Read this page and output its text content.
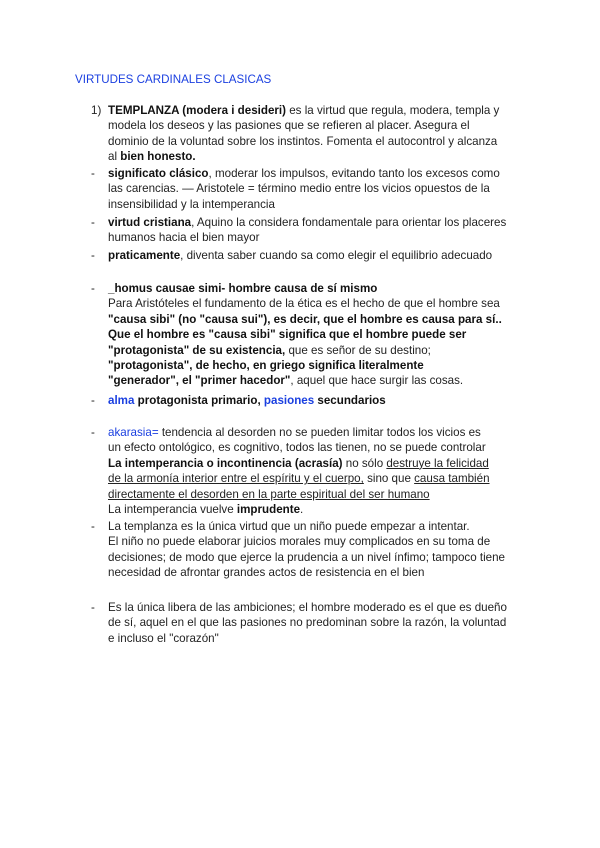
VIRTUDES CARDINALES CLASICAS
1) TEMPLANZA (modera i desideri) es la virtud que regula, modera, templa y
modela los deseos y las pasiones que se refieren al placer. Asegura el
dominio de la voluntad sobre los instintos. Fomenta el autocontrol y alcanza
al bien honesto.
- significato clásico, moderar los impulsos, evitando tanto los excesos como
las carencias. — Aristotele = término medio entre los vicios opuestos de la
insensibilidad y la intemperancia
- virtud cristiana, Aquino la considera fondamentale para orientar los placeres
humanos hacia el bien mayor
- praticamente, diventa saber cuando sa como elegir el equilibrio adecuado
- _homus causae simi- hombre causa de sí mismo
Para Aristóteles el fundamento de la ética es el hecho de que el hombre sea
"causa sibi" (no "causa sui"), es decir, que el hombre es causa para sí..
Que el hombre es "causa sibi" significa que el hombre puede ser
"protagonista" de su existencia, que es señor de su destino;
"protagonista", de hecho, en griego significa literalmente
"generador", el "primer hacedor", aquel que hace surgir las cosas.
- alma protagonista primario, pasiones secundarios
- akarasia= tendencia al desorden no se pueden limitar todos los vicios es
un efecto ontológico, es cognitivo, todos las tienen, no se puede controlar
La intemperancia o incontinencia (acrasía) no sólo destruye la felicidad
de la armonía interior entre el espíritu y el cuerpo, sino que causa también
directamente el desorden en la parte espiritual del ser humano
La intemperancia vuelve imprudente.
- La templanza es la única virtud que un niño puede empezar a intentar.
El niño no puede elaborar juicios morales muy complicados en su toma de
decisiones; de modo que ejerce la prudencia a un nivel ínfimo; tampoco tiene
necesidad de afrontar grandes actos de resistencia en el bien
- Es la única libera de las ambiciones; el hombre moderado es el que es dueño
de sí, aquel en el que las pasiones no predominan sobre la razón, la voluntad
e incluso el "corazón"
